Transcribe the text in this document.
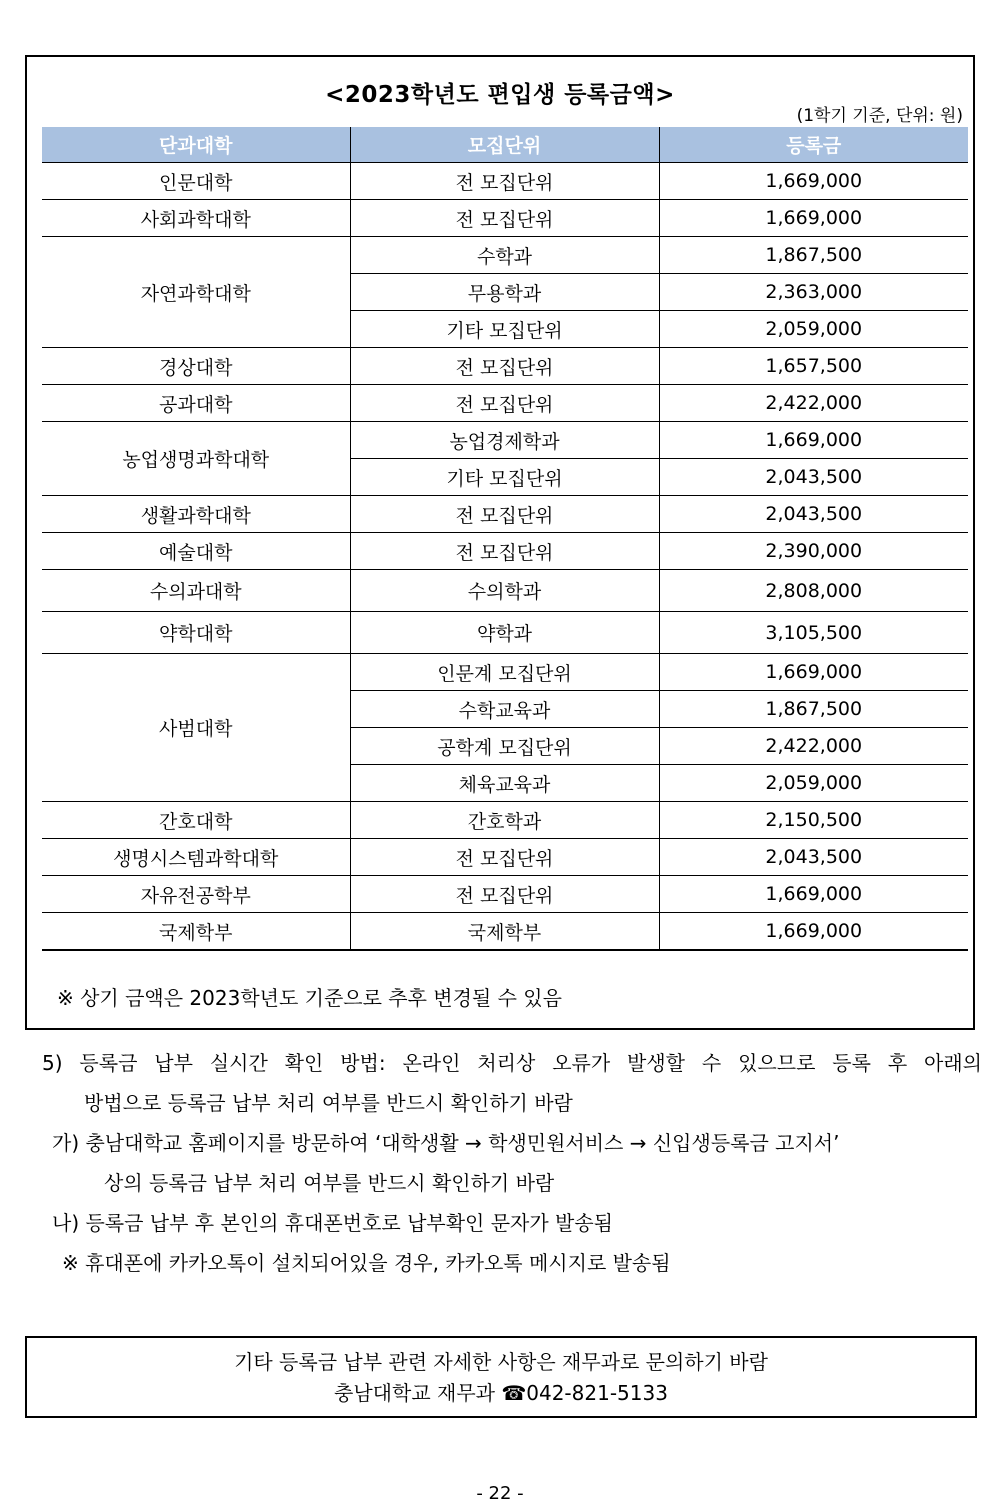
<2023학년도 편입생 등록금액>
(1학기 기준, 단위: 원)
단과대학	모집단위	등록금
인문대학	전 모집단위	1,669,000
사회과학대학	전 모집단위	1,669,000
자연과학대학	수학과	1,867,500
	무용학과	2,363,000
	기타 모집단위	2,059,000
경상대학	전 모집단위	1,657,500
공과대학	전 모집단위	2,422,000
농업생명과학대학	농업경제학과	1,669,000
	기타 모집단위	2,043,500
생활과학대학	전 모집단위	2,043,500
예술대학	전 모집단위	2,390,000
수의과대학	수의학과	2,808,000
약학대학	약학과	3,105,500
사범대학	인문계 모집단위	1,669,000
	수학교육과	1,867,500
	공학계 모집단위	2,422,000
	체육교육과	2,059,000
간호대학	간호학과	2,150,500
생명시스템과학대학	전 모집단위	2,043,500
자유전공학부	전 모집단위	1,669,000
국제학부	국제학부	1,669,000
※ 상기 금액은 2023학년도 기준으로 추후 변경될 수 있음
5) 등록금 납부 실시간 확인 방법: 온라인 처리상 오류가 발생할 수 있으므로 등록 후 아래의
방법으로 등록금 납부 처리 여부를 반드시 확인하기 바람
가) 충남대학교 홈페이지를 방문하여 ‘대학생활 → 학생민원서비스 → 신입생등록금 고지서’
상의 등록금 납부 처리 여부를 반드시 확인하기 바람
나) 등록금 납부 후 본인의 휴대폰번호로 납부확인 문자가 발송됨
※ 휴대폰에 카카오톡이 설치되어있을 경우, 카카오톡 메시지로 발송됨
기타 등록금 납부 관련 자세한 사항은 재무과로 문의하기 바람
충남대학교 재무과 ☎042-821-5133
- 22 -
